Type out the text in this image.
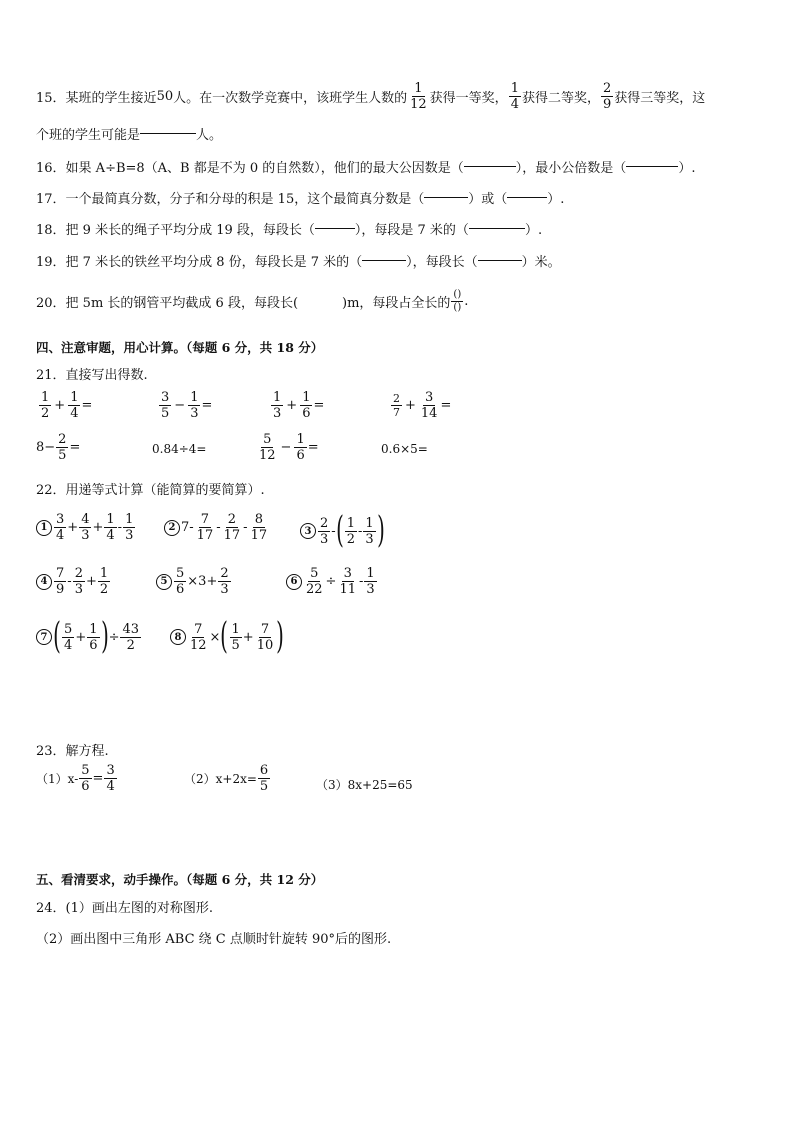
15． 某班的学生接近 50 人。在一次数学竞赛中，该班学生人数的
1
12 获得一等奖，
1
4 获得二等奖，
2
9 获得三等奖，这
个班的学生可能是	人。
16．如果 A÷B=8（A、B 都是不为 0 的自然数），他们的最大公因数是（	），最小公倍数是（	）.
17．一个最简真分数，分子和分母的积是 15，这个最简真分数是（	）或（	）.
18．把 9 米长的绳子平均分成 19 段，每段长（	），每段是 7 米的（	）.
19．把 7 米长的铁丝平均分成 8 份，每段长是 7 米的（	），每段长（	）米。
20．把 5m 长的钢管平均截成 6 段，每段长(	)m，每段占全长的
()
() .
四、注意审题，用心计算。（每题 6 分，共 18 分）
21．直接写出得数.
1
2
+ $\frac{1}{4}$ =
3
5
− $\frac{1}{3}$ =
1
3
+ $\frac{1}{6}$ =	2
$7 + \frac{3}{14}$ =
$8- \frac{2}{5}$ =	0.84÷4=
5
12
− $\frac{1}{6}$ =	0.6×5=
22．用递等式计算（能简算的要简算）.
1
3
4
+
4
3
+
1
4
-
1
3
2 7-
7
17
-
2
17
-
8
17	3
2
3
- ( 1
2
-
1
3 )
4
7
9
-
2
3
+
1
2
$5 \frac{5}{6} \times 3+ \frac{2}{3}$	6
5
22
÷
3
11
-
1
3
7 ( 5
4
+
1
6 ) ÷
43
2
8
7
12
× ( 1
5
+
7
10 )
23．解方程.
（1）x-
5
6
=
3
4	$(2)x+2x= \frac{6}{5}$	（3）8x+25=65
五、看清要求，动手操作。（每题 6 分，共 12 分）
24．(1）画出左图的对称图形.
（2）画出图中三角形 ABC 绕 C 点顺时针旋转 90°后的图形.
